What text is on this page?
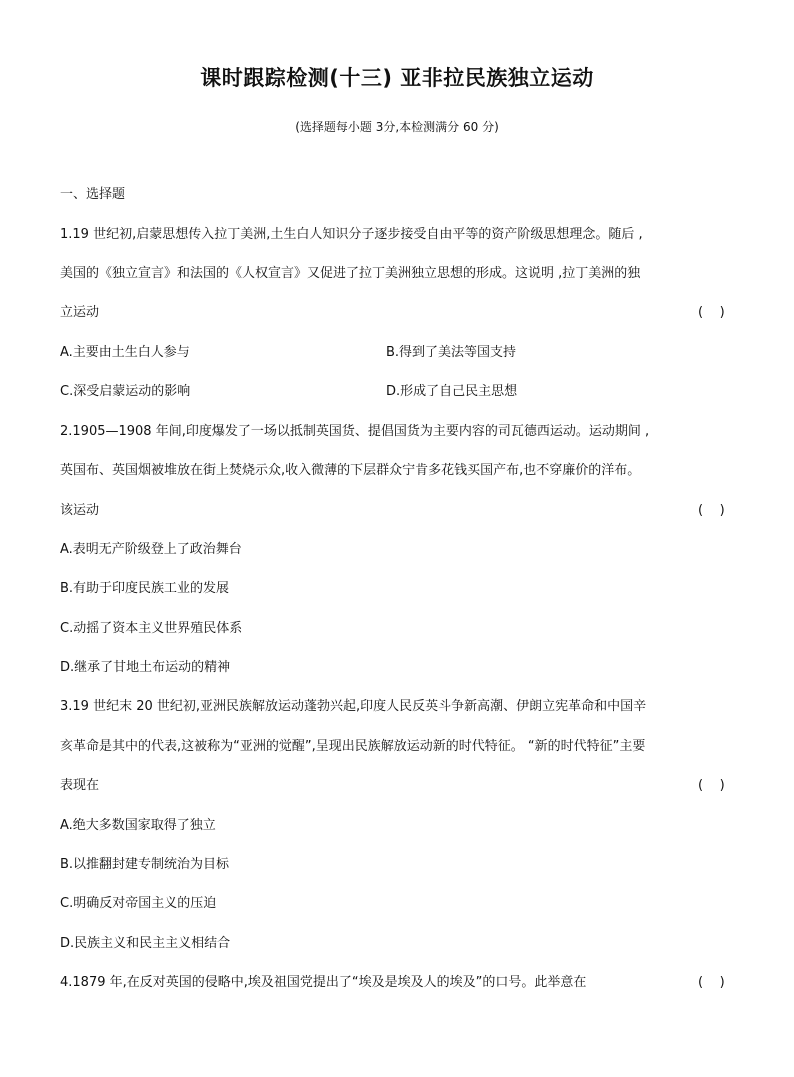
课时跟踪检测(十三) 亚非拉民族独立运动
(选择题每小题 3分,本检测满分 60 分)
一、选择题
1.19 世纪初,启蒙思想传入拉丁美洲,土生白人知识分子逐步接受自由平等的资产阶级思想理念。随后 ,
美国的《独立宣言》和法国的《人权宣言》又促进了拉丁美洲独立思想的形成。这说明 ,拉丁美洲的独
立运动	(    )
A.主要由土生白人参与	B.得到了美法等国支持
C.深受启蒙运动的影响	D.形成了自己民主思想
2.1905—1908 年间,印度爆发了一场以抵制英国货、提倡国货为主要内容的司瓦德西运动。运动期间 ,
英国布、英国烟被堆放在街上焚烧示众,收入微薄的下层群众宁肯多花钱买国产布,也不穿廉价的洋布。
该运动	(    )
A.表明无产阶级登上了政治舞台
B.有助于印度民族工业的发展
C.动摇了资本主义世界殖民体系
D.继承了甘地土布运动的精神
3.19 世纪末 20 世纪初,亚洲民族解放运动蓬勃兴起,印度人民反英斗争新高潮、伊朗立宪革命和中国辛
亥革命是其中的代表,这被称为“亚洲的觉醒”,呈现出民族解放运动新的时代特征。 “新的时代特征”主要
表现在	(    )
A.绝大多数国家取得了独立
B.以推翻封建专制统治为目标
C.明确反对帝国主义的压迫
D.民族主义和民主主义相结合
4.1879 年,在反对英国的侵略中,埃及祖国党提出了“埃及是埃及人的埃及”的口号。此举意在	(    )
